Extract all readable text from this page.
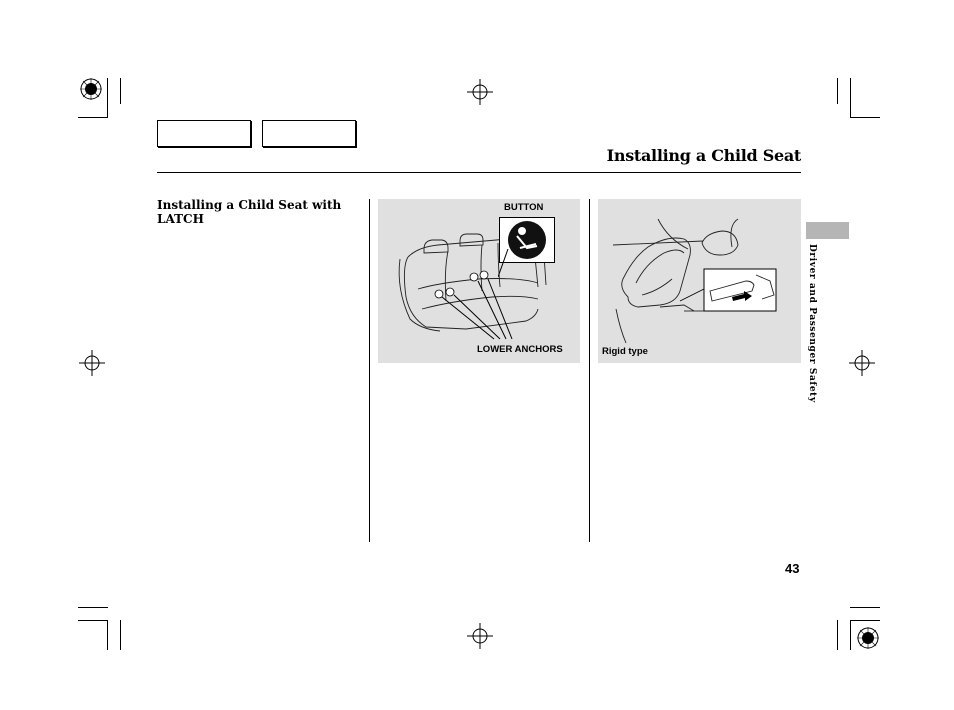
Installing a Child Seat
Installing a Child Seat with LATCH
BUTTON
LOWER ANCHORS	Rigid type	Driver and Passenger Safety
43
